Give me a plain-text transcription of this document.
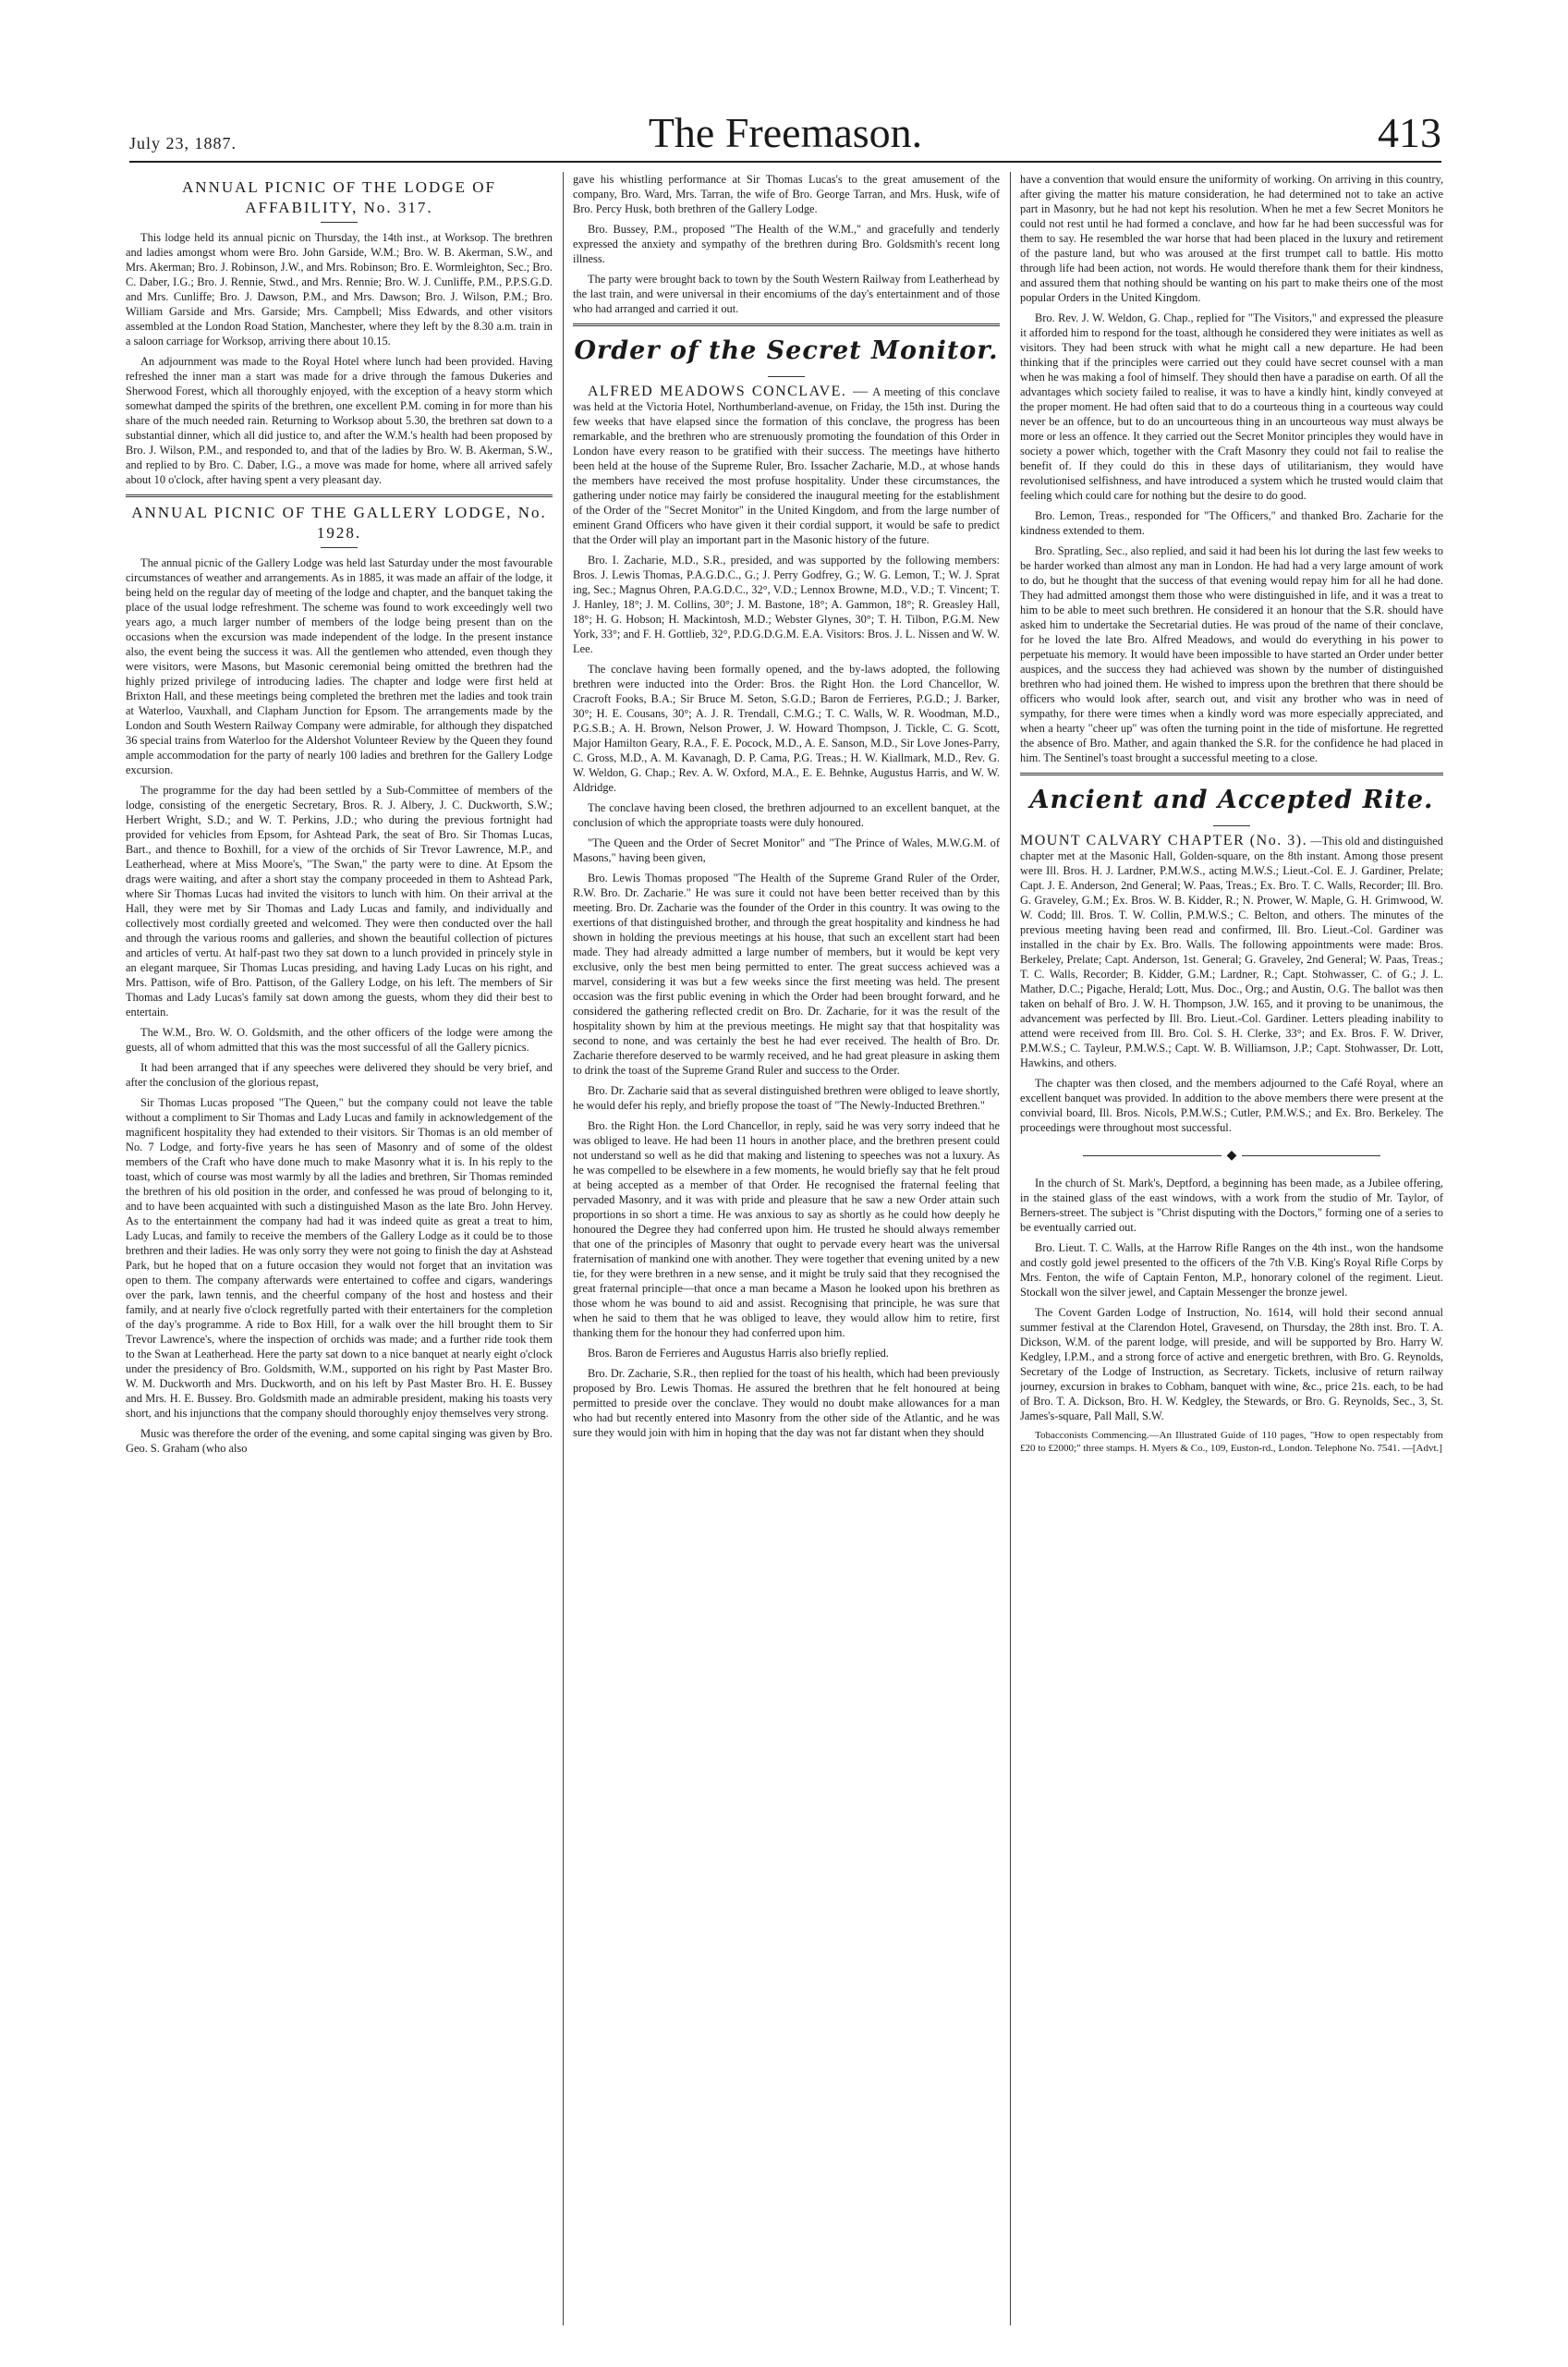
July 23, 1887.	The Freemason.	413
ANNUAL PICNIC OF THE LODGE OF AFFABILITY, No. 317.

This lodge held its annual picnic on Thursday, the 14th inst., at Worksop. The brethren and ladies amongst whom were Bro. John Garside, W.M.; Bro. W. B. Akerman, S.W., and Mrs. Akerman; Bro. J. Robinson, J.W., and Mrs. Robinson; Bro. E. Wormleighton, Sec.; Bro. C. Daber, I.G.; Bro. J. Rennie, Stwd., and Mrs. Rennie; Bro. W. J. Cunliffe, P.M., P.P.S.G.D. and Mrs. Cunliffe; Bro. J. Dawson, P.M., and Mrs. Dawson; Bro. J. Wilson, P.M.; Bro. William Garside and Mrs. Garside; Mrs. Campbell; Miss Edwards, and other visitors assembled at the London Road Station, Manchester, where they left by the 8.30 a.m. train in a saloon carriage for Worksop, arriving there about 10.15.

An adjournment was made to the Royal Hotel where lunch had been provided. Having refreshed the inner man a start was made for a drive through the famous Dukeries and Sherwood Forest, which all thoroughly enjoyed, with the exception of a heavy storm which somewhat damped the spirits of the brethren, one excellent P.M. coming in for more than his share of the much needed rain. Returning to Worksop about 5.30, the brethren sat down to a substantial dinner, which all did justice to, and after the W.M.'s health had been proposed by Bro. J. Wilson, P.M., and responded to, and that of the ladies by Bro. W. B. Akerman, S.W., and replied to by Bro. C. Daber, I.G., a move was made for home, where all arrived safely about 10 o'clock, after having spent a very pleasant day.

ANNUAL PICNIC OF THE GALLERY LODGE, No. 1928.

The annual picnic of the Gallery Lodge was held last Saturday under the most favourable circumstances of weather and arrangements. As in 1885, it was made an affair of the lodge, it being held on the regular day of meeting of the lodge and chapter, and the banquet taking the place of the usual lodge refreshment. The scheme was found to work exceedingly well two years ago, a much larger number of members of the lodge being present than on the occasions when the excursion was made independent of the lodge. In the present instance also, the event being the success it was. All the gentlemen who attended, even though they were visitors, were Masons, but Masonic ceremonial being omitted the brethren had the highly prized privilege of introducing ladies. The chapter and lodge were first held at Brixton Hall, and these meetings being completed the brethren met the ladies and took train at Waterloo, Vauxhall, and Clapham Junction for Epsom. The arrangements made by the London and South Western Railway Company were admirable, for although they dispatched 36 special trains from Waterloo for the Aldershot Volunteer Review by the Queen they found ample accommodation for the party of nearly 100 ladies and brethren for the Gallery Lodge excursion.

The programme for the day had been settled by a Sub-Committee of members of the lodge, consisting of the energetic Secretary, Bros. R. J. Albery, J. C. Duckworth, S.W.; Herbert Wright, S.D.; and W. T. Perkins, J.D.; who during the previous fortnight had provided for vehicles from Epsom, for Ashtead Park, the seat of Bro. Sir Thomas Lucas, Bart., and thence to Boxhill, for a view of the orchids of Sir Trevor Lawrence, M.P., and Leatherhead, where at Miss Moore's, "The Swan," the party were to dine. At Epsom the drags were waiting, and after a short stay the company proceeded in them to Ashtead Park, where Sir Thomas Lucas had invited the visitors to lunch with him. On their arrival at the Hall, they were met by Sir Thomas and Lady Lucas and family, and individually and collectively most cordially greeted and welcomed. They were then conducted over the hall and through the various rooms and galleries, and shown the beautiful collection of pictures and articles of vertu. At half-past two they sat down to a lunch provided in princely style in an elegant marquee, Sir Thomas Lucas presiding, and having Lady Lucas on his right, and Mrs. Pattison, wife of Bro. Pattison, of the Gallery Lodge, on his left. The members of Sir Thomas and Lady Lucas's family sat down among the guests, whom they did their best to entertain.

The W.M., Bro. W. O. Goldsmith, and the other officers of the lodge were among the guests, all of whom admitted that this was the most successful of all the Gallery picnics.

It had been arranged that if any speeches were delivered they should be very brief, and after the conclusion of the glorious repast,

Sir Thomas Lucas proposed "The Queen," but the company could not leave the table without a compliment to Sir Thomas and Lady Lucas and family in acknowledgement of the magnificent hospitality they had extended to their visitors. Sir Thomas is an old member of No. 7 Lodge, and forty-five years he has seen of Masonry and of some of the oldest members of the Craft who have done much to make Masonry what it is. In his reply to the toast, which of course was most warmly by all the ladies and brethren, Sir Thomas reminded the brethren of his old position in the order, and confessed he was proud of belonging to it, and to have been acquainted with such a distinguished Mason as the late Bro. John Hervey. As to the entertainment the company had had it was indeed quite as great a treat to him, Lady Lucas, and family to receive the members of the Gallery Lodge as it could be to those brethren and their ladies. He was only sorry they were not going to finish the day at Ashstead Park, but he hoped that on a future occasion they would not forget that an invitation was open to them. The company afterwards were entertained to coffee and cigars, wanderings over the park, lawn tennis, and the cheerful company of the host and hostess and their family, and at nearly five o'clock regretfully parted with their entertainers for the completion of the day's programme. A ride to Box Hill, for a walk over the hill brought them to Sir Trevor Lawrence's, where the inspection of orchids was made; and a further ride took them to the Swan at Leatherhead. Here the party sat down to a nice banquet at nearly eight o'clock under the presidency of Bro. Goldsmith, W.M., supported on his right by Past Master Bro. W. M. Duckworth and Mrs. Duckworth, and on his left by Past Master Bro. H. E. Bussey and Mrs. H. E. Bussey. Bro. Goldsmith made an admirable president, making his toasts very short, and his injunctions that the company should thoroughly enjoy themselves very strong.

Music was therefore the order of the evening, and some capital singing was given by Bro. Geo. S. Graham (who also

gave his whistling performance at Sir Thomas Lucas's to the great amusement of the company, Bro. Ward, Mrs. Tarran, the wife of Bro. George Tarran, and Mrs. Husk, wife of Bro. Percy Husk, both brethren of the Gallery Lodge.

Bro. Bussey, P.M., proposed "The Health of the W.M.," and gracefully and tenderly expressed the anxiety and sympathy of the brethren during Bro. Goldsmith's recent long illness.

The party were brought back to town by the South Western Railway from Leatherhead by the last train, and were universal in their encomiums of the day's entertainment and of those who had arranged and carried it out.

Order of the Secret Monitor.

ALFRED MEADOWS CONCLAVE. — A meeting of this conclave was held at the Victoria Hotel, Northumberland-avenue, on Friday, the 15th inst. During the few weeks that have elapsed since the formation of this conclave, the progress has been remarkable, and the brethren who are strenuously promoting the foundation of this Order in London have every reason to be gratified with their success. The meetings have hitherto been held at the house of the Supreme Ruler, Bro. Issacher Zacharie, M.D., at whose hands the members have received the most profuse hospitality. Under these circumstances, the gathering under notice may fairly be considered the inaugural meeting for the establishment of the Order of the "Secret Monitor" in the United Kingdom, and from the large number of eminent Grand Officers who have given it their cordial support, it would be safe to predict that the Order will play an important part in the Masonic history of the future.

Bro. I. Zacharie, M.D., S.R., presided, and was supported by the following members: Bros. J. Lewis Thomas, P.A.G.D.C., G.; J. Perry Godfrey, G.; W. G. Lemon, T.; W. J. Sprat ing, Sec.; Magnus Ohren, P.A.G.D.C., 32°, V.D.; Lennox Browne, M.D., V.D.; T. Vincent; T. J. Hanley, 18°; J. M. Collins, 30°; J. M. Bastone, 18°; A. Gammon, 18°; R. Greasley Hall, 18°; H. G. Hobson; H. Mackintosh, M.D.; Webster Glynes, 30°; T. H. Tilbon, P.G.M. New York, 33°; and F. H. Gottlieb, 32°, P.D.G.D.G.M. E.A. Visitors: Bros. J. L. Nissen and W. W. Lee.

The conclave having been formally opened, and the by-laws adopted, the following brethren were inducted into the Order: Bros. the Right Hon. the Lord Chancellor, W. Cracroft Fooks, B.A.; Sir Bruce M. Seton, S.G.D.; Baron de Ferrieres, P.G.D.; J. Barker, 30°; H. E. Cousans, 30°; A. J. R. Trendall, C.M.G.; T. C. Walls, W. R. Woodman, M.D., P.G.S.B.; A. H. Brown, Nelson Prower, J. W. Howard Thompson, J. Tickle, C. G. Scott, Major Hamilton Geary, R.A., F. E. Pocock, M.D., A. E. Sanson, M.D., Sir Love Jones-Parry, C. Gross, M.D., A. M. Kavanagh, D. P. Cama, P.G. Treas.; H. W. Kiallmark, M.D., Rev. G. W. Weldon, G. Chap.; Rev. A. W. Oxford, M.A., E. E. Behnke, Augustus Harris, and W. W. Aldridge.

The conclave having been closed, the brethren adjourned to an excellent banquet, at the conclusion of which the appropriate toasts were duly honoured.

"The Queen and the Order of Secret Monitor" and "The Prince of Wales, M.W.G.M. of Masons," having been given,

Bro. Lewis Thomas proposed "The Health of the Supreme Grand Ruler of the Order, R.W. Bro. Dr. Zacharie." He was sure it could not have been better received than by this meeting. Bro. Dr. Zacharie was the founder of the Order in this country. It was owing to the exertions of that distinguished brother, and through the great hospitality and kindness he had shown in holding the previous meetings at his house, that such an excellent start had been made. They had already admitted a large number of members, but it would be kept very exclusive, only the best men being permitted to enter. The great success achieved was a marvel, considering it was but a few weeks since the first meeting was held. The present occasion was the first public evening in which the Order had been brought forward, and he considered the gathering reflected credit on Bro. Dr. Zacharie, for it was the result of the hospitality shown by him at the previous meetings. He might say that that hospitality was second to none, and was certainly the best he had ever received. The health of Bro. Dr. Zacharie therefore deserved to be warmly received, and he had great pleasure in asking them to drink the toast of the Supreme Grand Ruler and success to the Order.

Bro. Dr. Zacharie said that as several distinguished brethren were obliged to leave shortly, he would defer his reply, and briefly propose the toast of "The Newly-Inducted Brethren."

Bro. the Right Hon. the Lord Chancellor, in reply, said he was very sorry indeed that he was obliged to leave. He had been 11 hours in another place, and the brethren present could not understand so well as he did that making and listening to speeches was not a luxury. As he was compelled to be elsewhere in a few moments, he would briefly say that he felt proud at being accepted as a member of that Order. He recognised the fraternal feeling that pervaded Masonry, and it was with pride and pleasure that he saw a new Order attain such proportions in so short a time. He was anxious to say as shortly as he could how deeply he honoured the Degree they had conferred upon him. He trusted he should always remember that one of the principles of Masonry that ought to pervade every heart was the universal fraternisation of mankind one with another. They were together that evening united by a new tie, for they were brethren in a new sense, and it might be truly said that they recognised the great fraternal principle—that once a man became a Mason he looked upon his brethren as those whom he was bound to aid and assist. Recognising that principle, he was sure that when he said to them that he was obliged to leave, they would allow him to retire, first thanking them for the honour they had conferred upon him.

Bros. Baron de Ferrieres and Augustus Harris also briefly replied.

Bro. Dr. Zacharie, S.R., then replied for the toast of his health, which had been previously proposed by Bro. Lewis Thomas. He assured the brethren that he felt honoured at being permitted to preside over the conclave. They would no doubt make allowances for a man who had but recently entered into Masonry from the other side of the Atlantic, and he was sure they would join with him in hoping that the day was not far distant when they should

have a convention that would ensure the uniformity of working. On arriving in this country, after giving the matter his mature consideration, he had determined not to take an active part in Masonry, but he had not kept his resolution. When he met a few Secret Monitors he could not rest until he had formed a conclave, and how far he had been successful was for them to say. He resembled the war horse that had been placed in the luxury and retirement of the pasture land, but who was aroused at the first trumpet call to battle. His motto through life had been action, not words. He would therefore thank them for their kindness, and assured them that nothing should be wanting on his part to make theirs one of the most popular Orders in the United Kingdom.

Bro. Rev. J. W. Weldon, G. Chap., replied for "The Visitors," and expressed the pleasure it afforded him to respond for the toast, although he considered they were initiates as well as visitors. They had been struck with what he might call a new departure. He had been thinking that if the principles were carried out they could have secret counsel with a man when he was making a fool of himself. They should then have a paradise on earth. Of all the advantages which society failed to realise, it was to have a kindly hint, kindly conveyed at the proper moment. He had often said that to do a courteous thing in a courteous way could never be an offence, but to do an uncourteous thing in an uncourteous way must always be more or less an offence. It they carried out the Secret Monitor principles they would have in society a power which, together with the Craft Masonry they could not fail to realise the benefit of. If they could do this in these days of utilitarianism, they would have revolutionised selfishness, and have introduced a system which he trusted would claim that feeling which could care for nothing but the desire to do good.

Bro. Lemon, Treas., responded for "The Officers," and thanked Bro. Zacharie for the kindness extended to them.

Bro. Spratling, Sec., also replied, and said it had been his lot during the last few weeks to be harder worked than almost any man in London. He had had a very large amount of work to do, but he thought that the success of that evening would repay him for all he had done. They had admitted amongst them those who were distinguished in life, and it was a treat to him to be able to meet such brethren. He considered it an honour that the S.R. should have asked him to undertake the Secretarial duties. He was proud of the name of their conclave, for he loved the late Bro. Alfred Meadows, and would do everything in his power to perpetuate his memory. It would have been impossible to have started an Order under better auspices, and the success they had achieved was shown by the number of distinguished brethren who had joined them. He wished to impress upon the brethren that there should be officers who would look after, search out, and visit any brother who was in need of sympathy, for there were times when a kindly word was more especially appreciated, and when a hearty "cheer up" was often the turning point in the tide of misfortune. He regretted the absence of Bro. Mather, and again thanked the S.R. for the confidence he had placed in him. The Sentinel's toast brought a successful meeting to a close.

Ancient and Accepted Rite.

MOUNT CALVARY CHAPTER (No. 3). —This old and distinguished chapter met at the Masonic Hall, Golden-square, on the 8th instant. Among those present were Ill. Bros. H. J. Lardner, P.M.W.S., acting M.W.S.; Lieut.-Col. E. J. Gardiner, Prelate; Capt. J. E. Anderson, 2nd General; W. Paas, Treas.; Ex. Bro. T. C. Walls, Recorder; Ill. Bro. G. Graveley, G.M.; Ex. Bros. W. B. Kidder, R.; N. Prower, W. Maple, G. H. Grimwood, W. W. Codd; Ill. Bros. T. W. Collin, P.M.W.S.; C. Belton, and others. The minutes of the previous meeting having been read and confirmed, Ill. Bro. Lieut.-Col. Gardiner was installed in the chair by Ex. Bro. Walls. The following appointments were made: Bros. Berkeley, Prelate; Capt. Anderson, 1st. General; G. Graveley, 2nd General; W. Paas, Treas.; T. C. Walls, Recorder; B. Kidder, G.M.; Lardner, R.; Capt. Stohwasser, C. of G.; J. L. Mather, D.C.; Pigache, Herald; Lott, Mus. Doc., Org.; and Austin, O.G. The ballot was then taken on behalf of Bro. J. W. H. Thompson, J.W. 165, and it proving to be unanimous, the advancement was perfected by Ill. Bro. Lieut.-Col. Gardiner. Letters pleading inability to attend were received from Ill. Bro. Col. S. H. Clerke, 33°; and Ex. Bros. F. W. Driver, P.M.W.S.; C. Tayleur, P.M.W.S.; Capt. W. B. Williamson, J.P.; Capt. Stohwasser, Dr. Lott, Hawkins, and others.

The chapter was then closed, and the members adjourned to the Café Royal, where an excellent banquet was provided. In addition to the above members there were present at the convivial board, Ill. Bros. Nicols, P.M.W.S.; Cutler, P.M.W.S.; and Ex. Bro. Berkeley. The proceedings were throughout most successful.

◆

In the church of St. Mark's, Deptford, a beginning has been made, as a Jubilee offering, in the stained glass of the east windows, with a work from the studio of Mr. Taylor, of Berners-street. The subject is "Christ disputing with the Doctors," forming one of a series to be eventually carried out.

Bro. Lieut. T. C. Walls, at the Harrow Rifle Ranges on the 4th inst., won the handsome and costly gold jewel presented to the officers of the 7th V.B. King's Royal Rifle Corps by Mrs. Fenton, the wife of Captain Fenton, M.P., honorary colonel of the regiment. Lieut. Stockall won the silver jewel, and Captain Messenger the bronze jewel.

The Covent Garden Lodge of Instruction, No. 1614, will hold their second annual summer festival at the Clarendon Hotel, Gravesend, on Thursday, the 28th inst. Bro. T. A. Dickson, W.M. of the parent lodge, will preside, and will be supported by Bro. Harry W. Kedgley, I.P.M., and a strong force of active and energetic brethren, with Bro. G. Reynolds, Secretary of the Lodge of Instruction, as Secretary. Tickets, inclusive of return railway journey, excursion in brakes to Cobham, banquet with wine, &c., price 21s. each, to be had of Bro. T. A. Dickson, Bro. H. W. Kedgley, the Stewards, or Bro. G. Reynolds, Sec., 3, St. James's-square, Pall Mall, S.W.

Tobacconists Commencing.—An Illustrated Guide of 110 pages, "How to open respectably from £20 to £2000;" three stamps. H. Myers & Co., 109, Euston-rd., London. Telephone No. 7541. —[Advt.]
